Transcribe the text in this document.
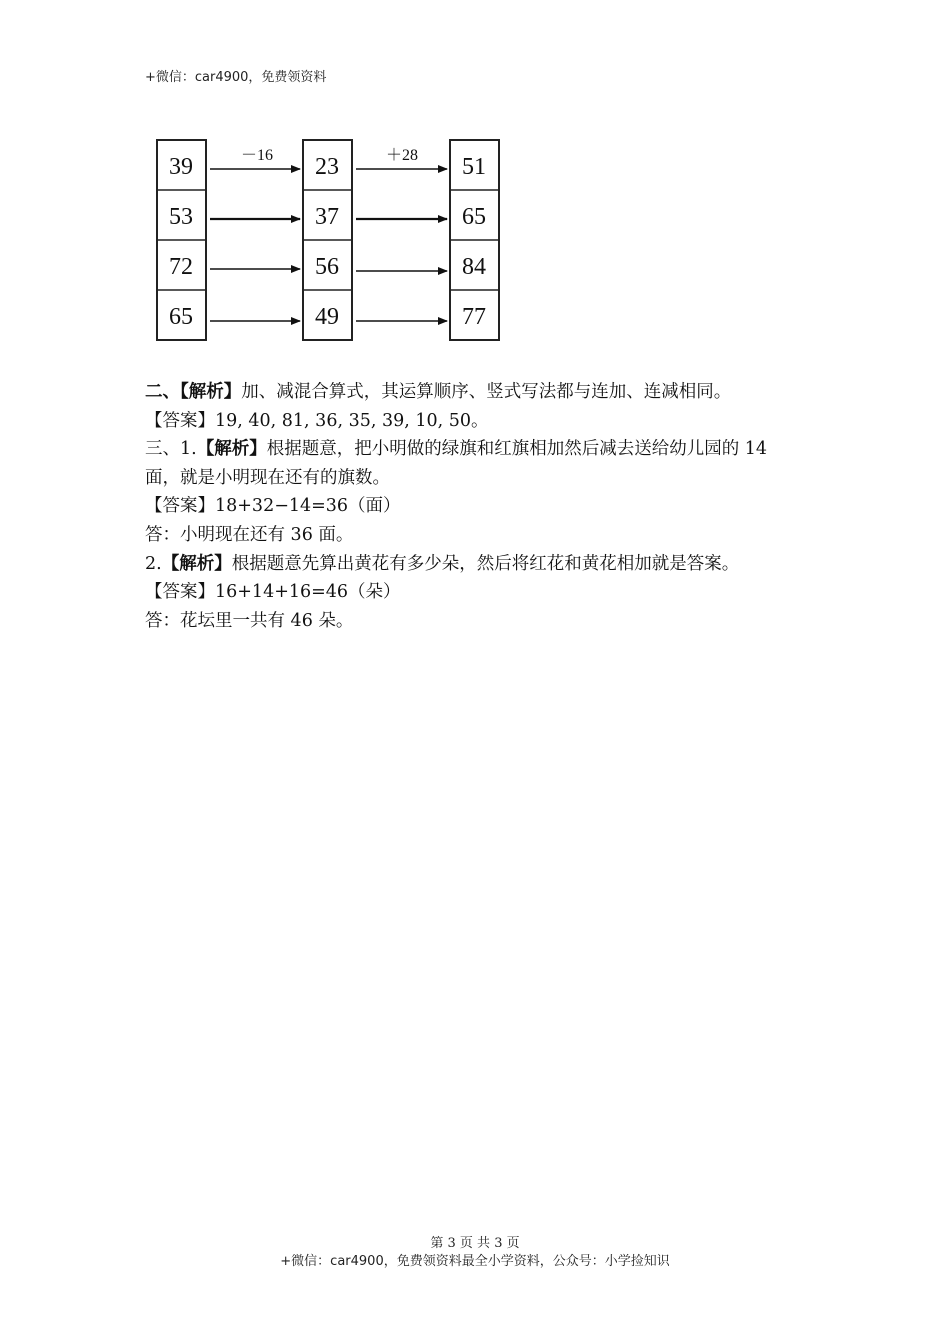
+微信：car4900，免费领资料
39
53
72
65
23
37
56
49
51
65
84
77
－16	＋28

二、【解析】加、减混合算式，其运算顺序、竖式写法都与连加、连减相同。

【答案】19, 40, 81, 36, 35, 39, 10, 50。

三、1.【解析】根据题意，把小明做的绿旗和红旗相加然后减去送给幼儿园的 14

面，就是小明现在还有的旗数。

【答案】18+32−14=36（面）

答：小明现在还有 36 面。

2.【解析】根据题意先算出黄花有多少朵，然后将红花和黄花相加就是答案。

【答案】16+14+16=46（朵）

答：花坛里一共有 46 朵。

第 3 页 共 3 页
+微信：car4900，免费领资料最全小学资料，公众号：小学捡知识
